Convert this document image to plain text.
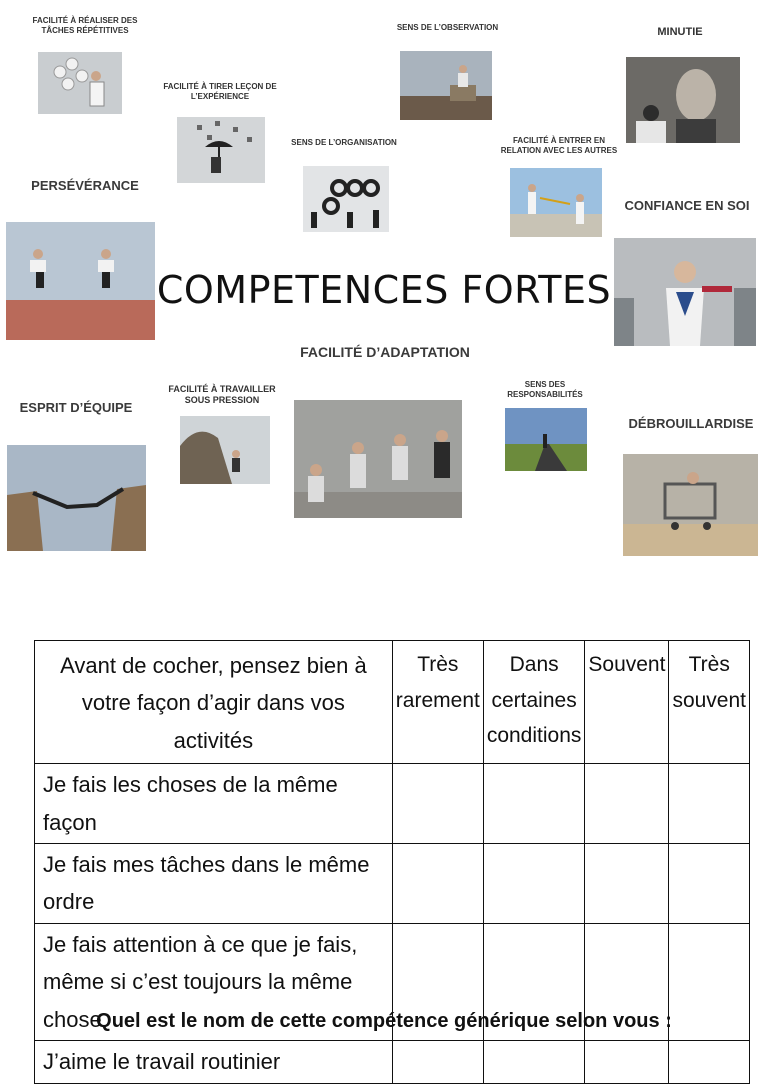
FACILITÉ À RÉALISER DES TÂCHES RÉPÉTITIVES
FACILITÉ À TIRER LEÇON DE L’EXPÉRIENCE
SENS DE L’OBSERVATION
SENS DE L’ORGANISATION
MINUTIE
FACILITÉ À ENTRER EN RELATION AVEC LES AUTRES
PERSÉVÉRANCE
CONFIANCE EN SOI
FACILITÉ D’ADAPTATION
ESPRIT D’ÉQUIPE
FACILITÉ À TRAVAILLER SOUS PRESSION
SENS DES RESPONSABILITÉS
DÉBROUILLARDISE
COMPETENCES FORTES
Avant de cocher, pensez bien à votre façon d’agir dans vos activités	Très rarement	Dans certaines conditions	Souvent	Très souvent
Je fais les choses de la même façon				
Je fais mes tâches dans le même ordre				
Je fais attention à ce que je fais, même si c’est toujours la même chose				
J’aime le travail routinier				
Quel est le nom de cette compétence générique selon vous :
